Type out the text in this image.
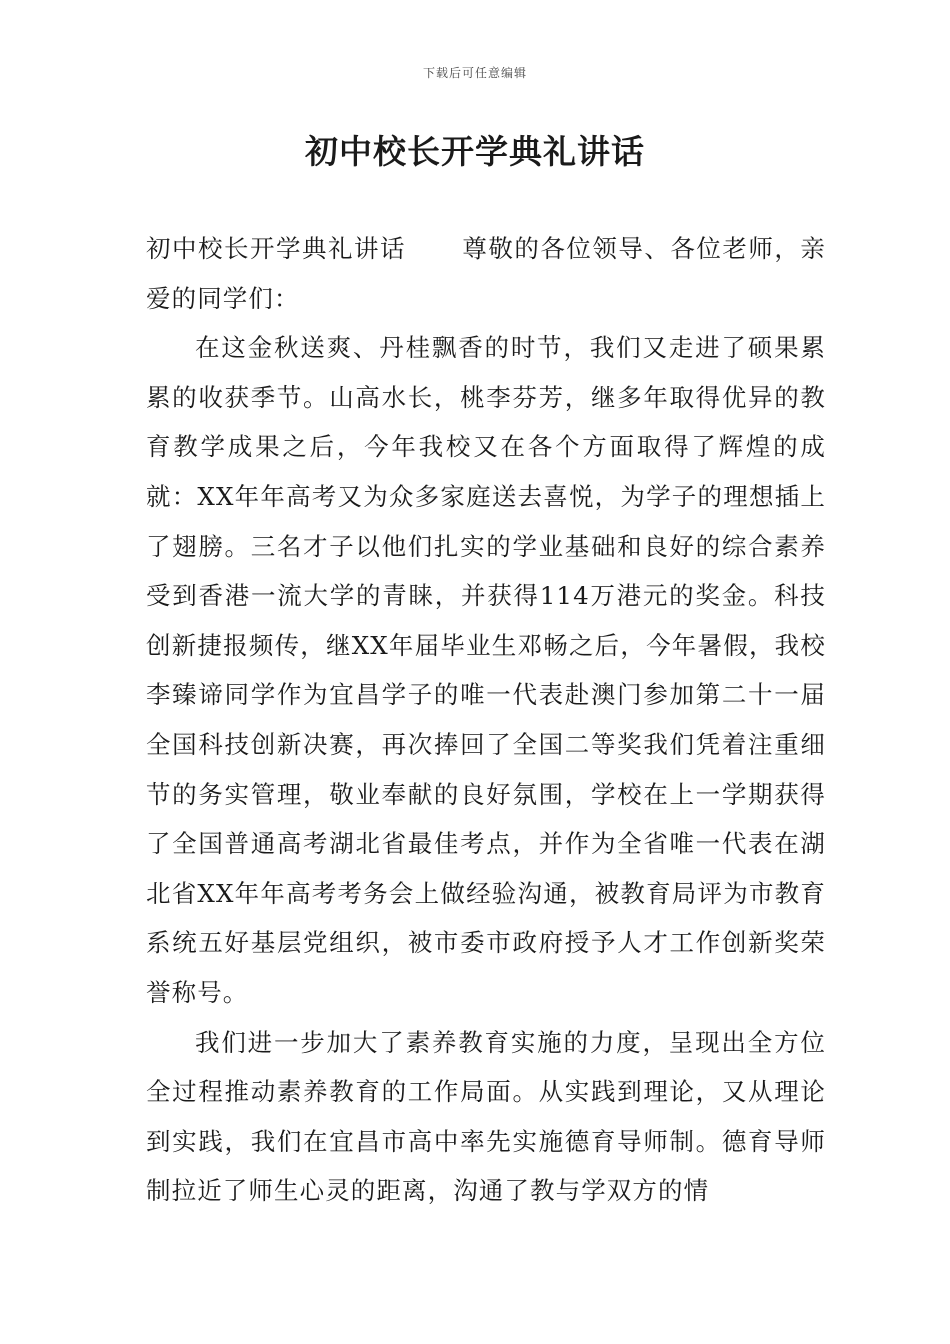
下载后可任意编辑
初中校长开学典礼讲话

初中校长开学典礼讲话 尊敬的各位领导、各位老师，亲爱的同学们：

在这金秋送爽、丹桂飘香的时节，我们又走进了硕果累累的收获季节。山高水长，桃李芬芳，继多年取得优异的教育教学成果之后，今年我校又在各个方面取得了辉煌的成就：XX年年高考又为众多家庭送去喜悦，为学子的理想插上了翅膀。三名才子以他们扎实的学业基础和良好的综合素养受到香港一流大学的青睐，并获得114万港元的奖金。科技创新捷报频传，继XX年届毕业生邓畅之后，今年暑假，我校李臻谛同学作为宜昌学子的唯一代表赴澳门参加第二十一届全国科技创新决赛，再次捧回了全国二等奖我们凭着注重细节的务实管理，敬业奉献的良好氛围，学校在上一学期获得了全国普通高考湖北省最佳考点，并作为全省唯一代表在湖北省XX年年高考考务会上做经验沟通，被教育局评为市教育系统五好基层党组织，被市委市政府授予人才工作创新奖荣誉称号。

我们进一步加大了素养教育实施的力度，呈现出全方位全过程推动素养教育的工作局面。从实践到理论，又从理论到实践，我们在宜昌市高中率先实施德育导师制。德育导师制拉近了师生心灵的距离，沟通了教与学双方的情
